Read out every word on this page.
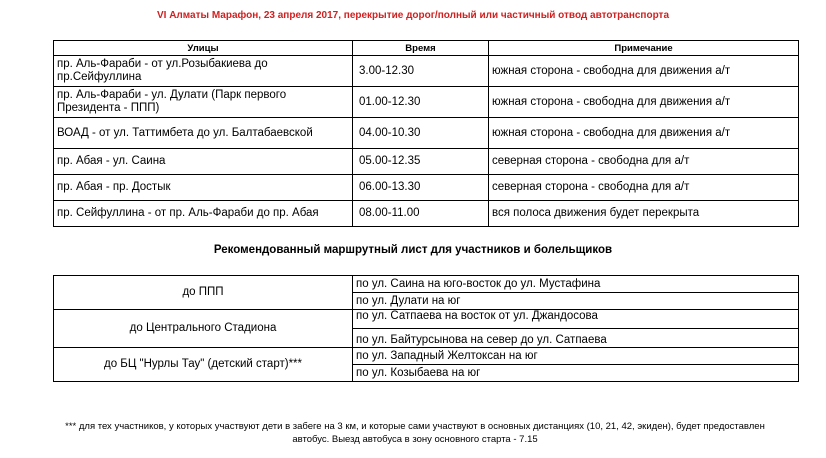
VI Алматы Марафон, 23 апреля 2017, перекрытие дорог/полный или частичный отвод автотранспорта
Улицы	Время	Примечание
пр. Аль-Фараби - от ул.Розыбакиева до пр.Сейфуллина	3.00-12.30	южная сторона - свободна для движения а/т
пр. Аль-Фараби - ул. Дулати (Парк первого Президента - ППП)	01.00-12.30	южная сторона - свободна для движения а/т
ВОАД - от ул. Таттимбета до ул. Балтабаевской	04.00-10.30	южная сторона - свободна для движения а/т
пр. Абая - ул. Саина	05.00-12.35	северная сторона - свободна для а/т
пр. Абая - пр. Достык	06.00-13.30	северная сторона - свободна для а/т
пр. Сейфуллина - от пр. Аль-Фараби до пр. Абая	08.00-11.00	вся полоса движения будет перекрыта
Рекомендованный маршрутный лист для участников и болельщиков
до ППП	по ул. Саина на юго-восток до ул. Мустафина
	по ул. Дулати на юг
до Центрального Стадиона	по ул. Сатпаева на восток от ул. Джандосова
	по ул. Байтурсынова на север до ул. Сатпаева
до БЦ "Нурлы Тау" (детский старт)***	по ул. Западный Желтоксан на юг
	по ул. Козыбаева на юг
*** для тех участников, у которых участвуют дети в забеге на 3 км, и которые сами участвуют в основных дистанциях (10, 21, 42, экиден), будет предоставлен автобус. Выезд автобуса в зону основного старта - 7.15
